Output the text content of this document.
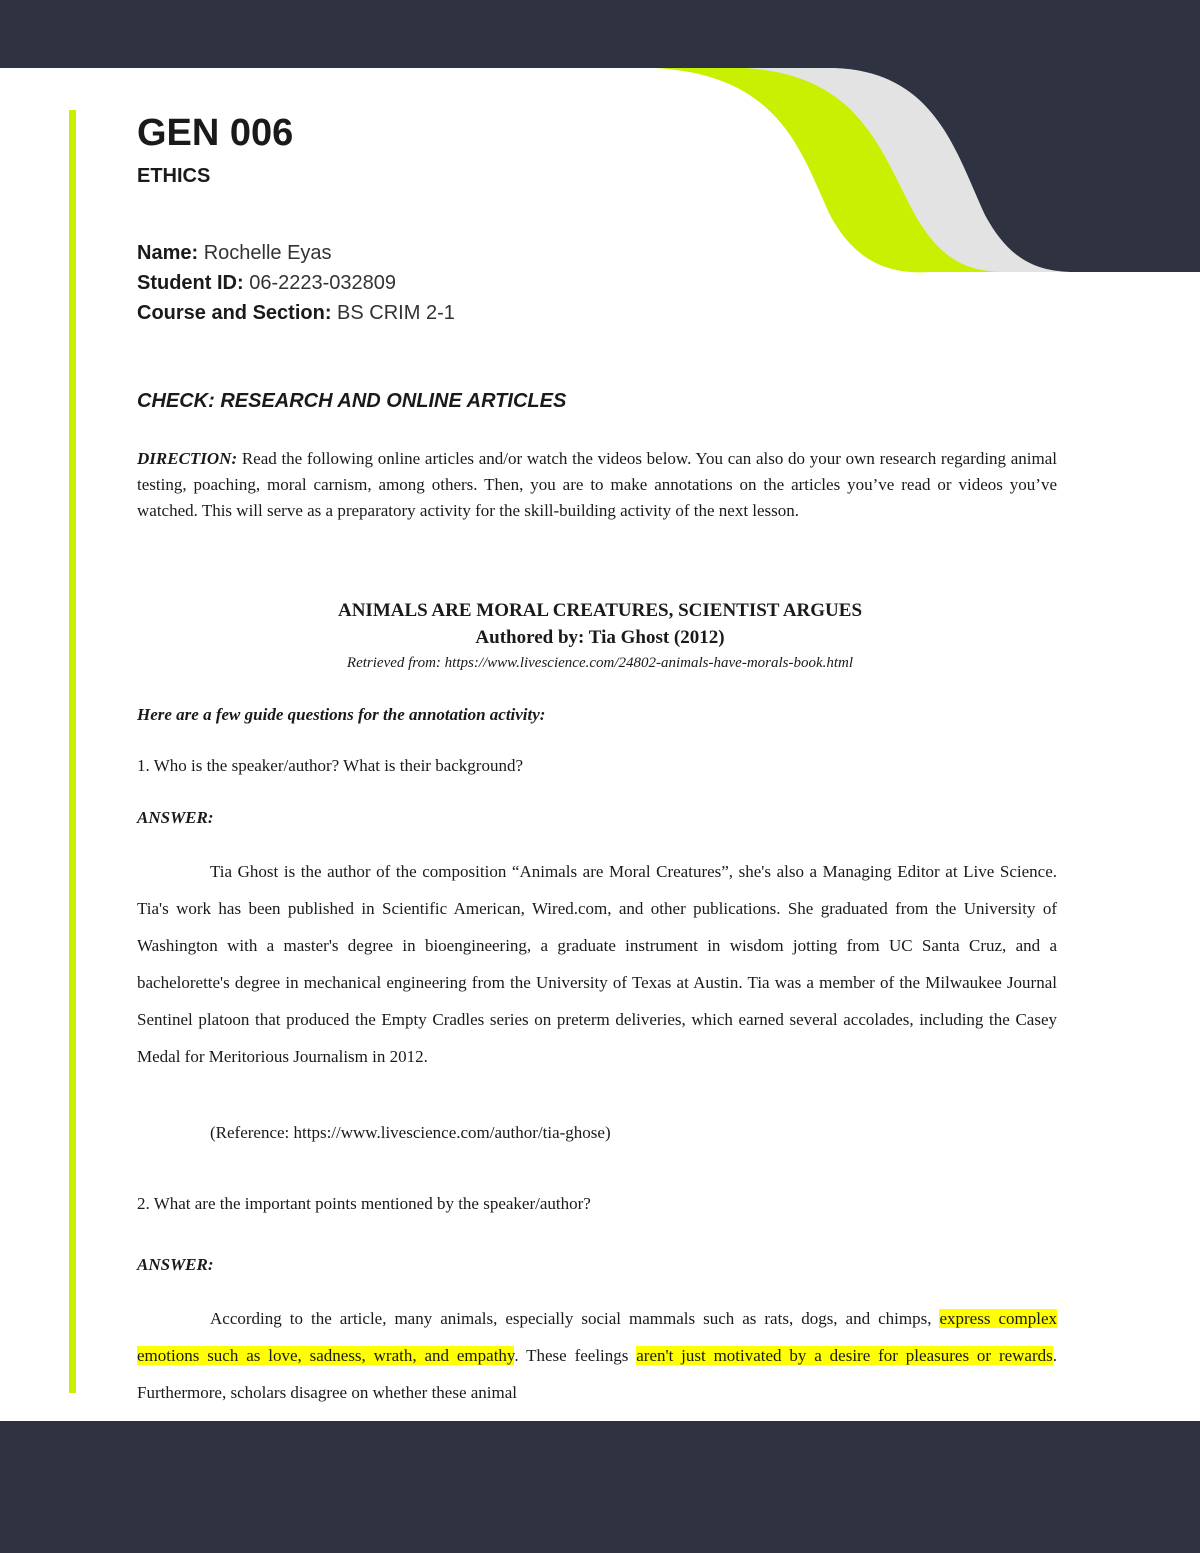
GEN 006
ETHICS
Name: Rochelle Eyas
Student ID: 06-2223-032809
Course and Section: BS CRIM 2-1
CHECK: RESEARCH AND ONLINE ARTICLES

DIRECTION: Read the following online articles and/or watch the videos below. You can also do your own research regarding animal testing, poaching, moral carnism, among others. Then, you are to make annotations on the articles you’ve read or videos you’ve watched. This will serve as a preparatory activity for the skill-building activity of the next lesson.

ANIMALS ARE MORAL CREATURES, SCIENTIST ARGUES

Authored by: Tia Ghost (2012)

Retrieved from: https://www.livescience.com/24802-animals-have-morals-book.html

Here are a few guide questions for the annotation activity:

1. Who is the speaker/author? What is their background?

ANSWER:

Tia Ghost is the author of the composition “Animals are Moral Creatures”, she's also a Managing Editor at Live Science. Tia's work has been published in Scientific American, Wired.com, and other publications. She graduated from the University of Washington with a master's degree in bioengineering, a graduate instrument in wisdom jotting from UC Santa Cruz, and a bachelorette's degree in mechanical engineering from the University of Texas at Austin. Tia was a member of the Milwaukee Journal Sentinel platoon that produced the Empty Cradles series on preterm deliveries, which earned several accolades, including the Casey Medal for Meritorious Journalism in 2012.

(Reference: https://www.livescience.com/author/tia-ghose)

2. What are the important points mentioned by the speaker/author?

ANSWER:

According to the article, many animals, especially social mammals such as rats, dogs, and chimps, express complex emotions such as love, sadness, wrath, and empathy. These feelings aren't just motivated by a desire for pleasures or rewards. Furthermore, scholars disagree on whether these animal
